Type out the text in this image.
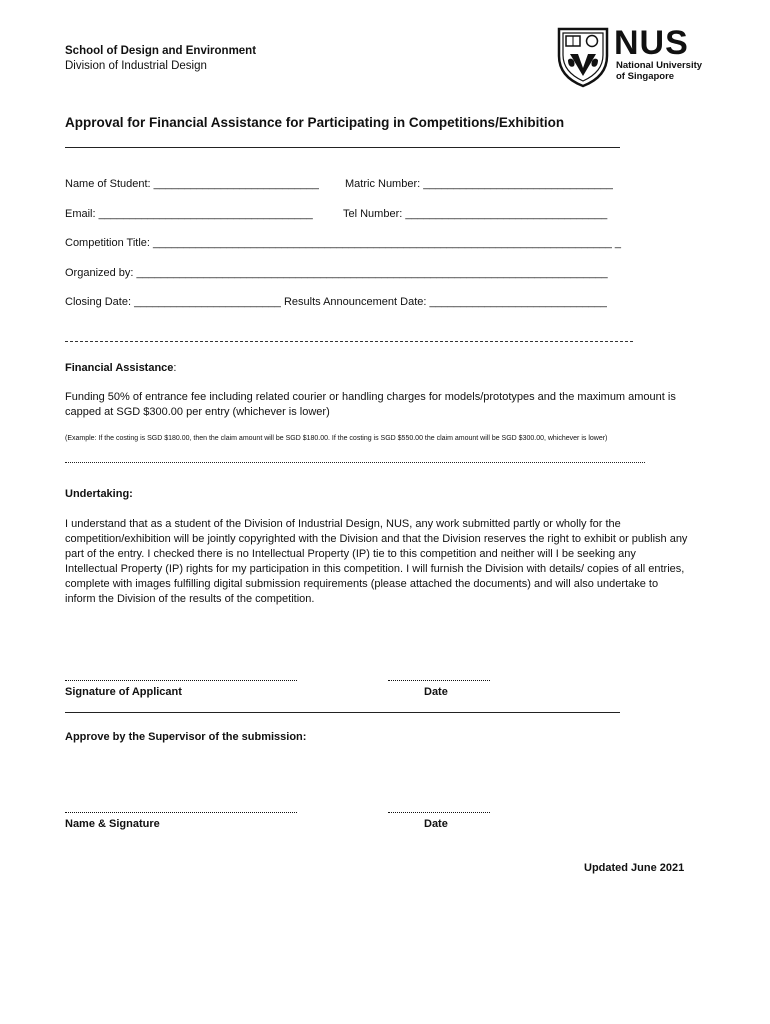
School of Design and Environment
Division of Industrial Design
NUS
National University
of Singapore
Approval for Financial Assistance for Participating in Competitions/Exhibition
Name of Student: ___________________________ Matric Number: _______________________________
Email: ___________________________________	Tel Number: _________________________________
Competition Title: ___________________________________________________________________________ _
Organized by: _____________________________________________________________________________
Closing Date: ________________________ Results Announcement Date: _____________________________
Financial Assistance:
Funding 50% of entrance fee including related courier or handling charges for models/prototypes and the maximum amount is capped at SGD $300.00 per entry (whichever is lower)
(Example: If the costing is SGD $180.00, then the claim amount will be SGD $180.00. If the costing is SGD $550.00 the claim amount will be SGD $300.00, whichever is lower)
Undertaking:
I understand that as a student of the Division of Industrial Design, NUS, any work submitted partly or wholly for the competition/exhibition will be jointly copyrighted with the Division and that the Division reserves the right to exhibit or publish any part of the entry. I checked there is no Intellectual Property (IP) tie to this competition and neither will I be seeking any Intellectual Property (IP) rights for my participation in this competition. I will furnish the Division with details/ copies of all entries, complete with images fulfilling digital submission requirements (please attached the documents) and will also undertake to inform the Division of the results of the competition.
Signature of Applicant	Date
Approve by the Supervisor of the submission:
Name & Signature	Date
Updated June 2021
